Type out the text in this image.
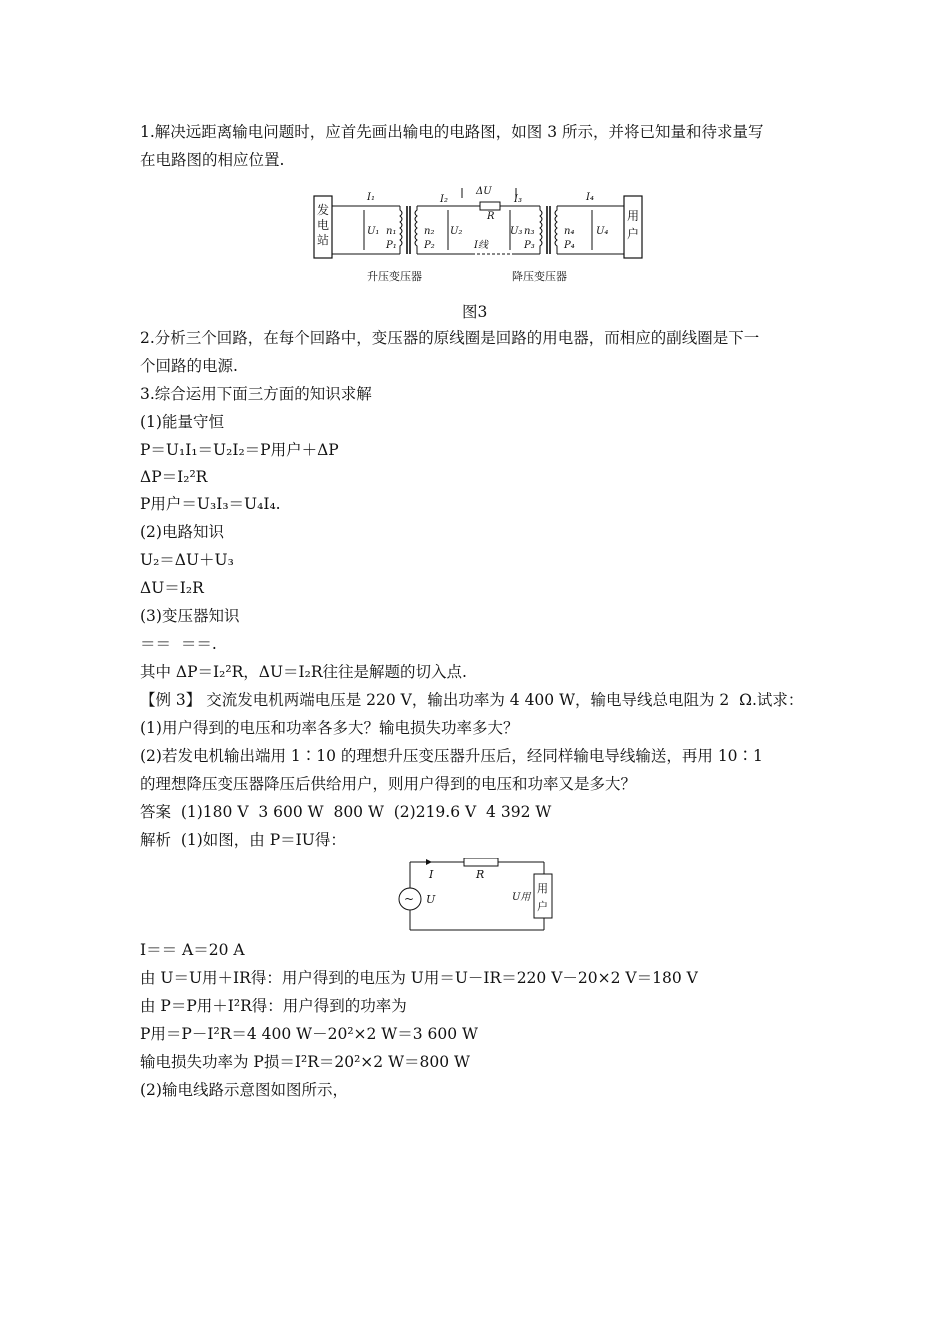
1.解决远距离输电问题时，应首先画出输电的电路图，如图 3 所示，并将已知量和待求量写
在电路图的相应位置.
发
电
站
用
户
I₁
U₁ n₁
P₁
I₂
n₂ U₂
P₂
ΔU
R
I线
I₃
U₃ n₃
P₃
I₄
n₄ U₄
P₄
升压变压器	降压变压器
图3
2.分析三个回路，在每个回路中，变压器的原线圈是回路的用电器，而相应的副线圈是下一
个回路的电源.
3.综合运用下面三方面的知识求解
(1)能量守恒
P＝U₁I₁＝U₂I₂＝P用户＋ΔP
ΔP＝I₂²R
P用户＝U₃I₃＝U₄I₄.
(2)电路知识
U₂＝ΔU＋U₃
ΔU＝I₂R
(3)变压器知识
＝＝  ＝＝.
其中 ΔP＝I₂²R，ΔU＝I₂R往往是解题的切入点.
【例 3】 交流发电机两端电压是 220 V，输出功率为 4 400 W，输电导线总电阻为 2  Ω.试求：
(1)用户得到的电压和功率各多大？输电损失功率多大？
(2)若发电机输出端用 1∶10 的理想升压变压器升压后，经同样输电导线输送，再用 10∶1
的理想降压变压器降压后供给用户，则用户得到的电压和功率又是多大？
答案  (1)180 V  3 600 W  800 W  (2)219.6 V  4 392 W
解析  (1)如图，由 P＝IU得：
~
用
户
I	R
U	U用
I＝＝ A＝20 A
由 U＝U用＋IR得：用户得到的电压为 U用＝U－IR＝220 V－20×2 V＝180 V
由 P＝P用＋I²R得：用户得到的功率为
P用＝P－I²R＝4 400 W－20²×2 W＝3 600 W
输电损失功率为 P损＝I²R＝20²×2 W＝800 W
(2)输电线路示意图如图所示，
